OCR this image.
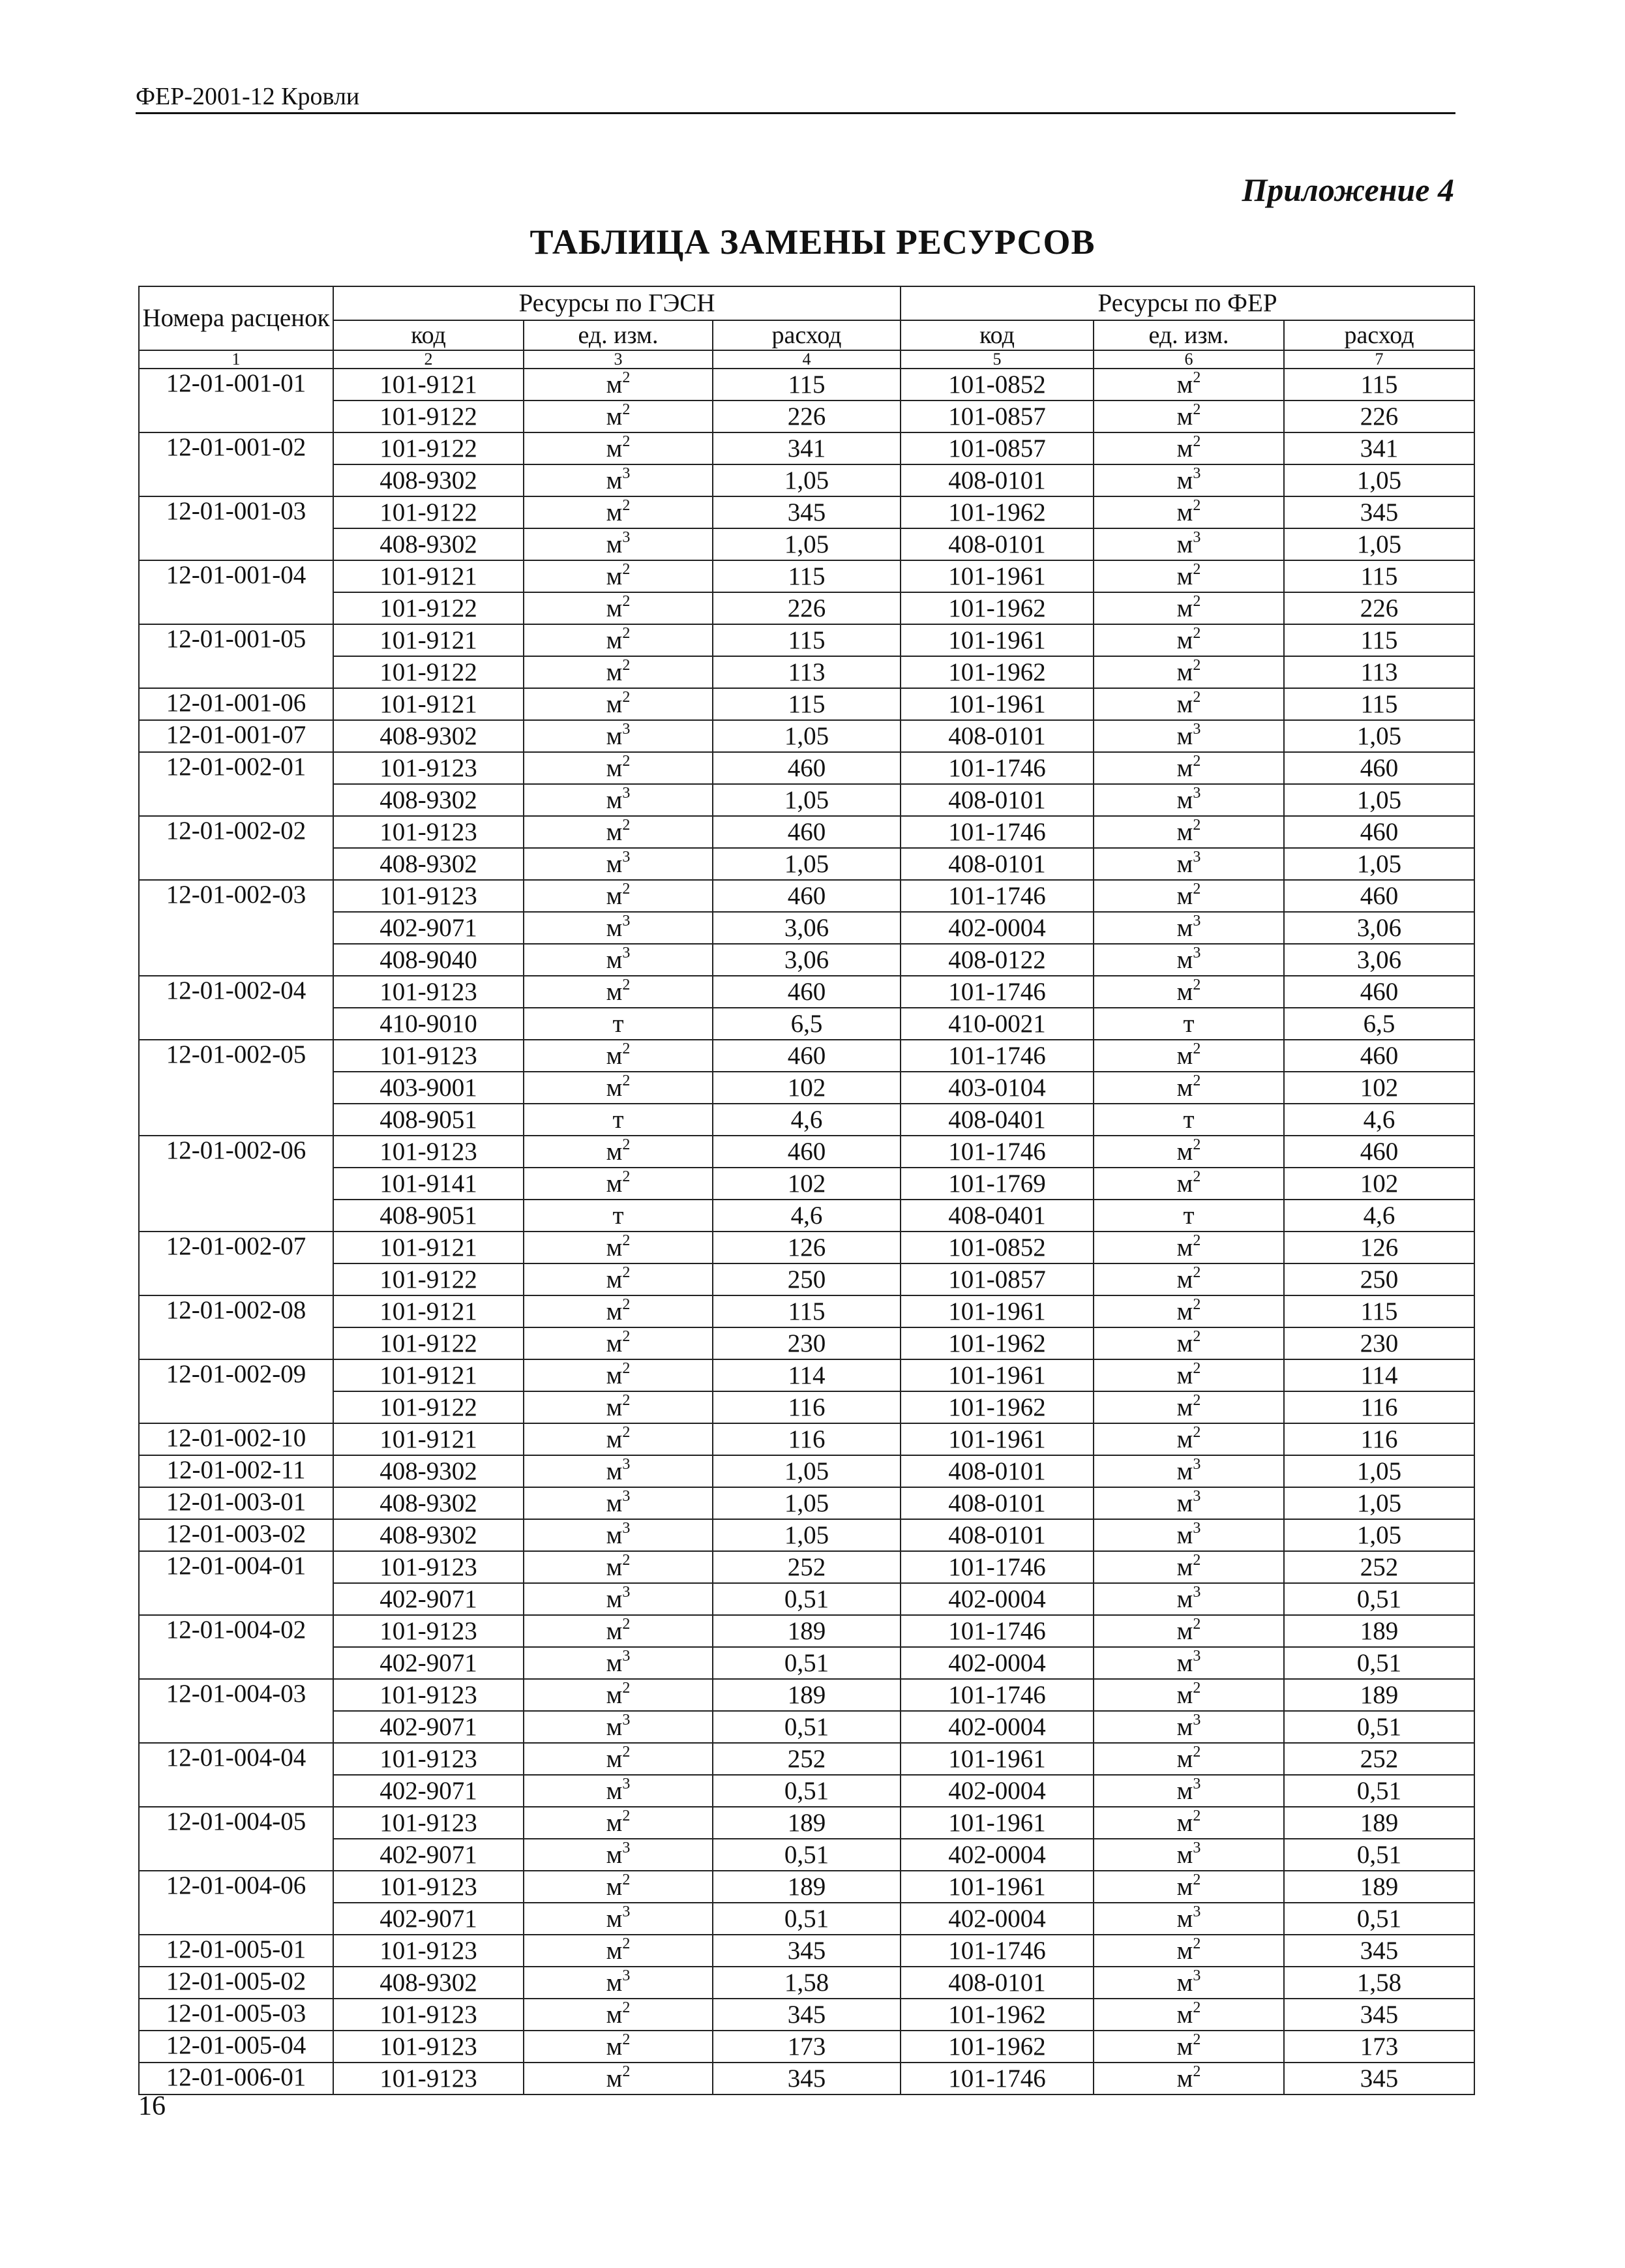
ФЕР-2001-12 Кровли
Приложение 4
ТАБЛИЦА ЗАМЕНЫ РЕСУРСОВ
Номера расценок	Ресурсы по ГЭСН			Ресурсы по ФЕР		
	код	ед. изм.	расход	код	ед. изм.	расход
1	2	3	4	5	6	7
12-01-001-01	101-9121	$м^2$	115	101-0852	$м^2$	115
	101-9122	$м^2$	226	101-0857	$м^2$	226
12-01-001-02	101-9122	$м^2$	341	101-0857	$м^2$	341
	408-9302	$м^3$	1,05	408-0101	$м^3$	1,05
12-01-001-03	101-9122	$м^2$	345	101-1962	$м^2$	345
	408-9302	$м^3$	1,05	408-0101	$м^3$	1,05
12-01-001-04	101-9121	$м^2$	115	101-1961	$м^2$	115
	101-9122	$м^2$	226	101-1962	$м^2$	226
12-01-001-05	101-9121	$м^2$	115	101-1961	$м^2$	115
	101-9122	$м^2$	113	101-1962	$м^2$	113
12-01-001-06	101-9121	$м^2$	115	101-1961	$м^2$	115
12-01-001-07	408-9302	$м^3$	1,05	408-0101	$м^3$	1,05
12-01-002-01	101-9123	$м^2$	460	101-1746	$м^2$	460
	408-9302	$м^3$	1,05	408-0101	$м^3$	1,05
12-01-002-02	101-9123	$м^2$	460	101-1746	$м^2$	460
	408-9302	$м^3$	1,05	408-0101	$м^3$	1,05
12-01-002-03	101-9123	$м^2$	460	101-1746	$м^2$	460
	402-9071	$м^3$	3,06	402-0004	$м^3$	3,06
	408-9040	$м^3$	3,06	408-0122	$м^3$	3,06
12-01-002-04	101-9123	$м^2$	460	101-1746	$м^2$	460
	410-9010	т	6,5	410-0021	т	6,5
12-01-002-05	101-9123	$м^2$	460	101-1746	$м^2$	460
	403-9001	$м^2$	102	403-0104	$м^2$	102
	408-9051	т	4,6	408-0401	т	4,6
12-01-002-06	101-9123	$м^2$	460	101-1746	$м^2$	460
	101-9141	$м^2$	102	101-1769	$м^2$	102
	408-9051	т	4,6	408-0401	т	4,6
12-01-002-07	101-9121	$м^2$	126	101-0852	$м^2$	126
	101-9122	$м^2$	250	101-0857	$м^2$	250
12-01-002-08	101-9121	$м^2$	115	101-1961	$м^2$	115
	101-9122	$м^2$	230	101-1962	$м^2$	230
12-01-002-09	101-9121	$м^2$	114	101-1961	$м^2$	114
	101-9122	$м^2$	116	101-1962	$м^2$	116
12-01-002-10	101-9121	$м^2$	116	101-1961	$м^2$	116
12-01-002-11	408-9302	$м^3$	1,05	408-0101	$м^3$	1,05
12-01-003-01	408-9302	$м^3$	1,05	408-0101	$м^3$	1,05
12-01-003-02	408-9302	$м^3$	1,05	408-0101	$м^3$	1,05
12-01-004-01	101-9123	$м^2$	252	101-1746	$м^2$	252
	402-9071	$м^3$	0,51	402-0004	$м^3$	0,51
12-01-004-02	101-9123	$м^2$	189	101-1746	$м^2$	189
	402-9071	$м^3$	0,51	402-0004	$м^3$	0,51
12-01-004-03	101-9123	$м^2$	189	101-1746	$м^2$	189
	402-9071	$м^3$	0,51	402-0004	$м^3$	0,51
12-01-004-04	101-9123	$м^2$	252	101-1961	$м^2$	252
	402-9071	$м^3$	0,51	402-0004	$м^3$	0,51
12-01-004-05	101-9123	$м^2$	189	101-1961	$м^2$	189
	402-9071	$м^3$	0,51	402-0004	$м^3$	0,51
12-01-004-06	101-9123	$м^2$	189	101-1961	$м^2$	189
	402-9071	$м^3$	0,51	402-0004	$м^3$	0,51
12-01-005-01	101-9123	$м^2$	345	101-1746	$м^2$	345
12-01-005-02	408-9302	$м^3$	1,58	408-0101	$м^3$	1,58
12-01-005-03	101-9123	$м^2$	345	101-1962	$м^2$	345
12-01-005-04	101-9123	$м^2$	173	101-1962	$м^2$	173
12-01-006-01	101-9123	$м^2$	345	101-1746	$м^2$	345
16
